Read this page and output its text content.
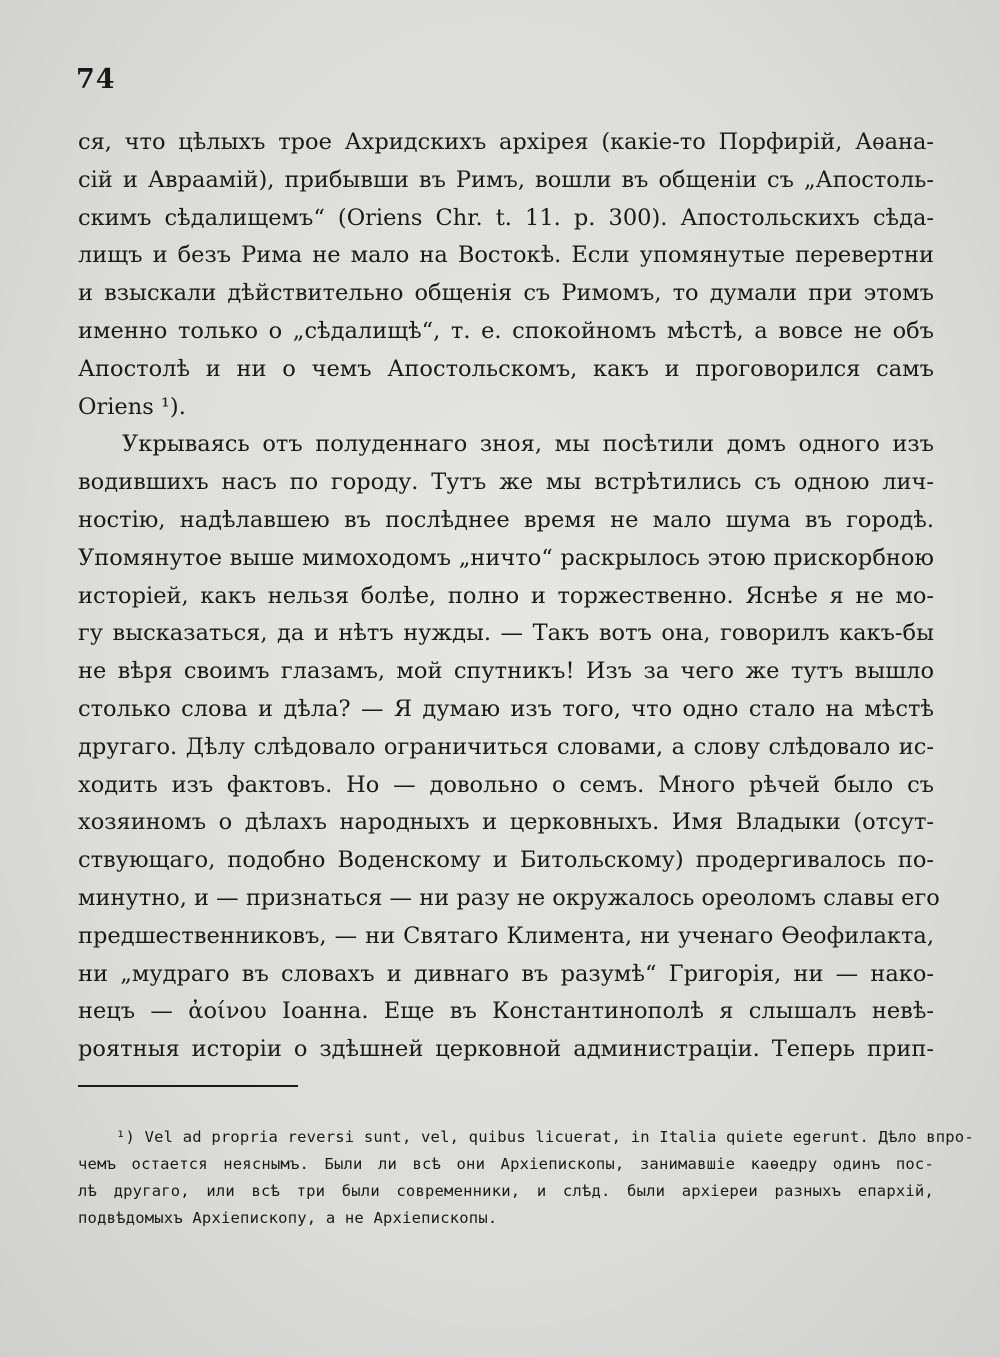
74
ся, что цѣлыхъ трое Ахридскихъ архiрея (какiе-то Порфирiй, Аѳана-
сiй и Авраамiй), прибывши въ Римъ, вошли въ общенiи съ „Апостоль-
скимъ сѣдалищемъ“ (Oriens Chr. t. 11. p. 300). Апостольскихъ сѣда-
лищъ и безъ Рима не мало на Востокѣ. Если упомянутые перевертни
и взыскали дѣйствительно общенiя съ Римомъ, то думали при этомъ
именно только о „сѣдалищѣ“, т. е. спокойномъ мѣстѣ, а вовсе не объ
Апостолѣ и ни о чемъ Апостольскомъ, какъ и проговорился самъ
Oriens ¹).
Укрываясь отъ полуденнаго зноя, мы посѣтили домъ одного изъ
водившихъ насъ по городу. Тутъ же мы встрѣтились съ одною лич-
ностiю, надѣлавшею въ послѣднее время не мало шума въ городѣ.
Упомянутое выше мимоходомъ „ничто“ раскрылось этою прискорбною
исторiей, какъ нельзя болѣе, полно и торжественно. Яснѣе я не мо-
гу высказаться, да и нѣтъ нужды. — Такъ вотъ она, говорилъ какъ-бы
не вѣря своимъ глазамъ, мой спутникъ! Изъ за чего же тутъ вышло
столько слова и дѣла? — Я думаю изъ того, что одно стало на мѣстѣ
другаго. Дѣлу слѣдовало ограничиться словами, а слову слѣдовало ис-
ходить изъ фактовъ. Но — довольно о семъ. Много рѣчей было съ
хозяиномъ о дѣлахъ народныхъ и церковныхъ. Имя Владыки (отсут-
ствующаго, подобно Воденскому и Битольскому) продергивалось по-
минутно, и — признаться — ни разу не окружалось ореоломъ славы его
предшественниковъ, — ни Святаго Климента, ни ученаго Ѳеофилакта,
ни „мудраго въ словахъ и дивнаго въ разумѣ“ Григорiя, ни — нако-
нецъ — ἀοίνου Iоанна. Еще въ Константинополѣ я слышалъ невѣ-
роятныя исторiи о здѣшней церковной администрацiи. Теперь прип-
¹) Vel ad propria reversi sunt, vel, quibus licuerat, in Italia quiete egerunt. Дѣло впро-
чемъ остается неяснымъ. Были ли всѣ они Архiепископы, занимавшiе каѳедру одинъ пос-
лѣ другаго, или всѣ три были современники, и слѣд. были архiереи разныхъ епархiй,
подвѣдомыхъ Архiепископу, а не Архiепископы.
